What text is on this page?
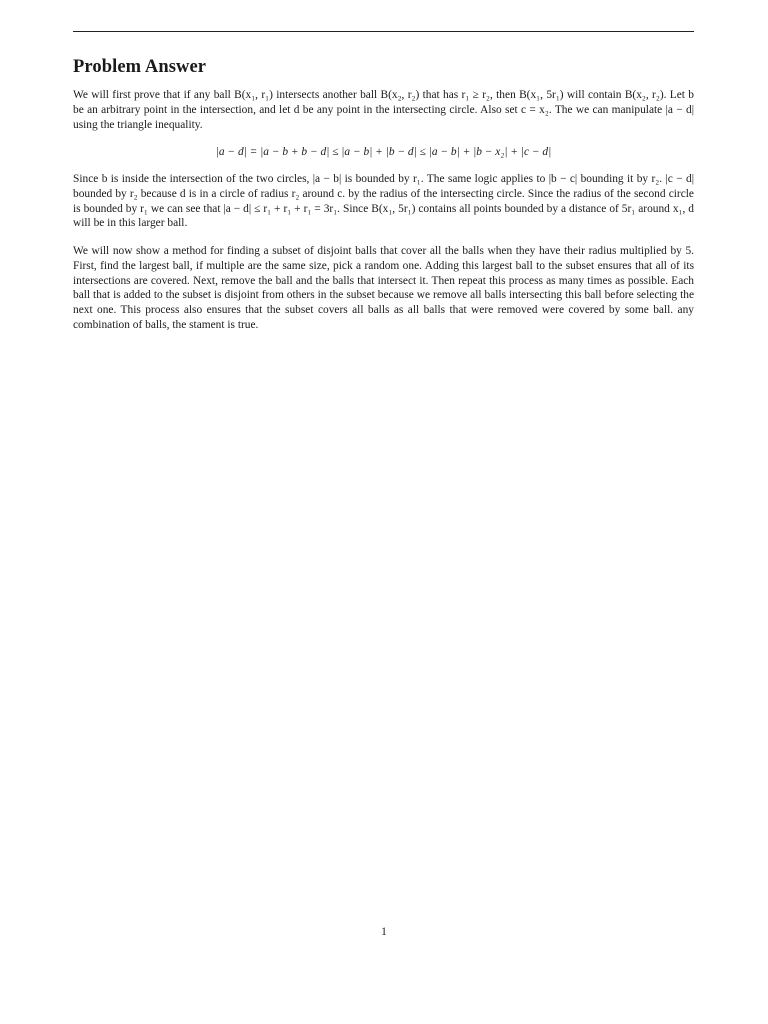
Problem Answer

We will first prove that if any ball B(x₁, r₁) intersects another ball B(x₂, r₂) that has r₁ ≥ r₂, then B(x₁, 5r₁) will contain B(x₂, r₂). Let b be an arbitrary point in the intersection, and let d be any point in the intersecting circle. Also set c = x₂. The we can manipulate |a − d| using the triangle inequality.

|a − d| = |a − b + b − d| ≤ |a − b| + |b − d| ≤ |a − b| + |b − x₂| + |c − d|

Since b is inside the intersection of the two circles, |a − b| is bounded by r₁. The same logic applies to |b − c| bounding it by r₂. |c − d| bounded by r₂ because d is in a circle of radius r₂ around c. by the radius of the intersecting circle. Since the radius of the second circle is bounded by r₁ we can see that |a − d| ≤ r₁ + r₁ + r₁ = 3r₁. Since B(x₁, 5r₁) contains all points bounded by a distance of 5r₁ around x₁, d will be in this larger ball.

We will now show a method for finding a subset of disjoint balls that cover all the balls when they have their radius multiplied by 5. First, find the largest ball, if multiple are the same size, pick a random one. Adding this largest ball to the subset ensures that all of its intersections are covered. Next, remove the ball and the balls that intersect it. Then repeat this process as many times as possible. Each ball that is added to the subset is disjoint from others in the subset because we remove all balls intersecting this ball before selecting the next one. This process also ensures that the subset covers all balls as all balls that were removed were covered by some ball. any combination of balls, the stament is true.

1
